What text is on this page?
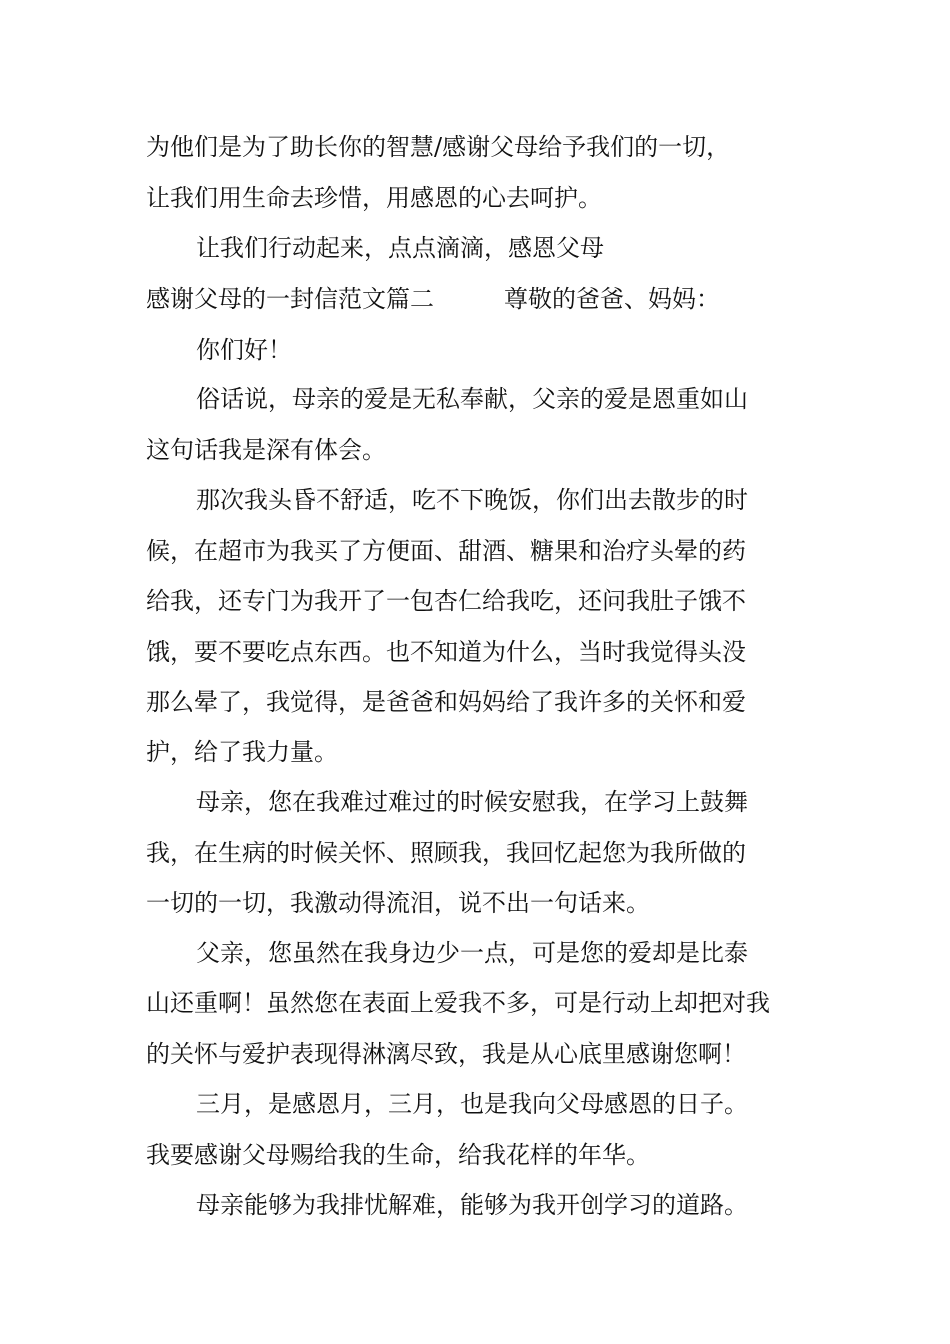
为他们是为了助长你的智慧/感谢父母给予我们的一切，
让我们用生命去珍惜，用感恩的心去呵护。
让我们行动起来，点点滴滴，感恩父母
感谢父母的一封信范文篇二	尊敬的爸爸、妈妈：
你们好！
俗话说，母亲的爱是无私奉献，父亲的爱是恩重如山
这句话我是深有体会。
那次我头昏不舒适，吃不下晚饭，你们出去散步的时
候，在超市为我买了方便面、甜酒、糖果和治疗头晕的药
给我，还专门为我开了一包杏仁给我吃，还问我肚子饿不
饿，要不要吃点东西。也不知道为什么，当时我觉得头没
那么晕了，我觉得，是爸爸和妈妈给了我许多的关怀和爱
护，给了我力量。
母亲，您在我难过难过的时候安慰我，在学习上鼓舞
我，在生病的时候关怀、照顾我，我回忆起您为我所做的
一切的一切，我激动得流泪，说不出一句话来。
父亲，您虽然在我身边少一点，可是您的爱却是比泰
山还重啊！虽然您在表面上爱我不多，可是行动上却把对我
的关怀与爱护表现得淋漓尽致，我是从心底里感谢您啊！
三月，是感恩月，三月，也是我向父母感恩的日子。
我要感谢父母赐给我的生命，给我花样的年华。
母亲能够为我排忧解难，能够为我开创学习的道路。
